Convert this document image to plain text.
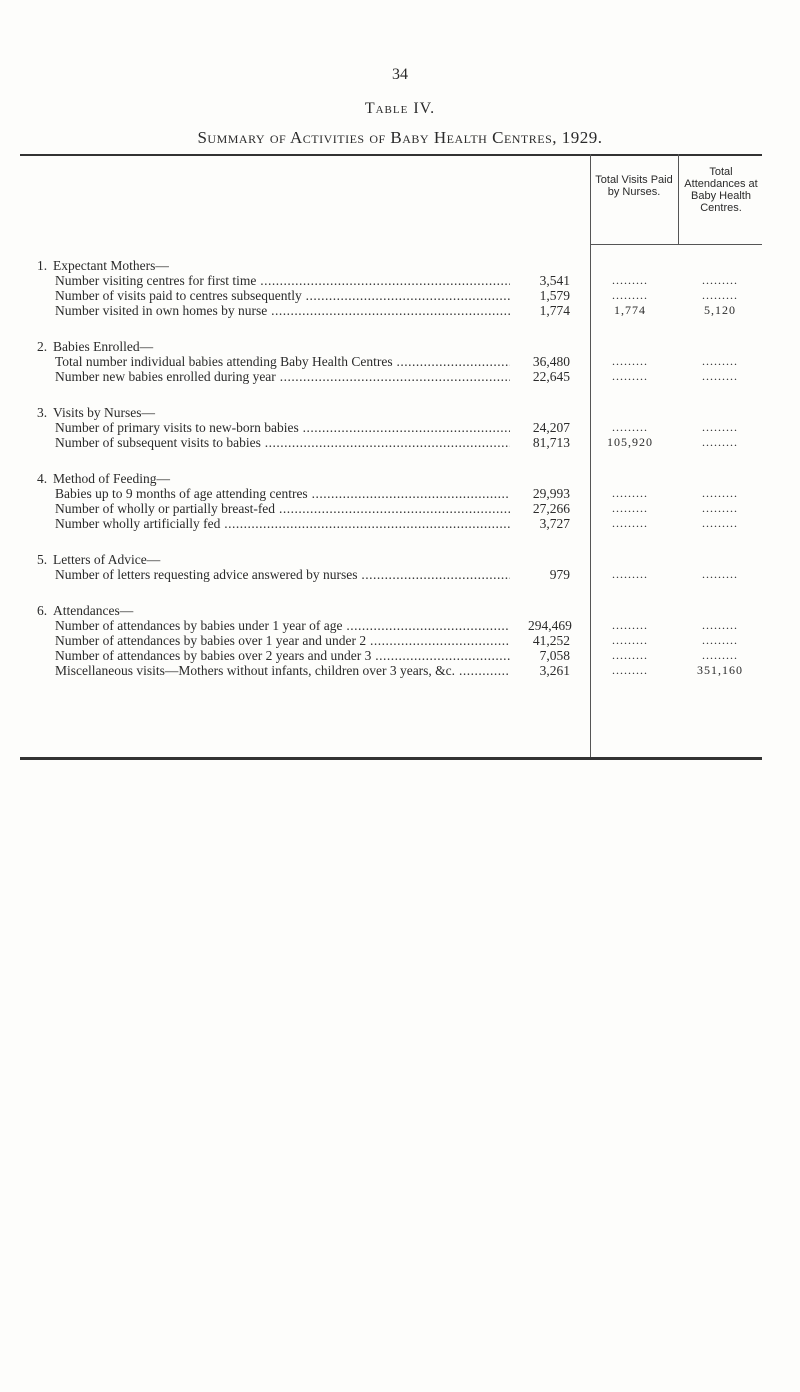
34
Table IV.
Summary of Activities of Baby Health Centres, 1929.
Total Visits Paid by Nurses.
Total Attendances at Baby Health Centres.
1. Expectant Mothers—
Number visiting centres for first time .....	3,541	.........	.........
Number of visits paid to centres subsequently .....	1,579	.........	.........
Number visited in own homes by nurse .....	1,774	1,774	5,120
2. Babies Enrolled—
Total number individual babies attending Baby Health Centres .....	36,480	.........	.........
Number new babies enrolled during year .....	22,645	.........	.........
3. Visits by Nurses—
Number of primary visits to new-born babies .....	24,207	.........	.........
Number of subsequent visits to babies .....	81,713	105,920	.........
4. Method of Feeding—
Babies up to 9 months of age attending centres .....	29,993	.........	.........
Number of wholly or partially breast-fed .....	27,266	.........	.........
Number wholly artificially fed .....	3,727	.........	.........
5. Letters of Advice—
Number of letters requesting advice answered by nurses .....	979	.........	.........
6. Attendances—
Number of attendances by babies under 1 year of age .....	294,469	.........	.........
Number of attendances by babies over 1 year and under 2 .....	41,252	.........	.........
Number of attendances by babies over 2 years and under 3 .....	7,058	.........	.........
Miscellaneous visits—Mothers without infants, children over 3 years, &c. .....	3,261	.........	351,160
